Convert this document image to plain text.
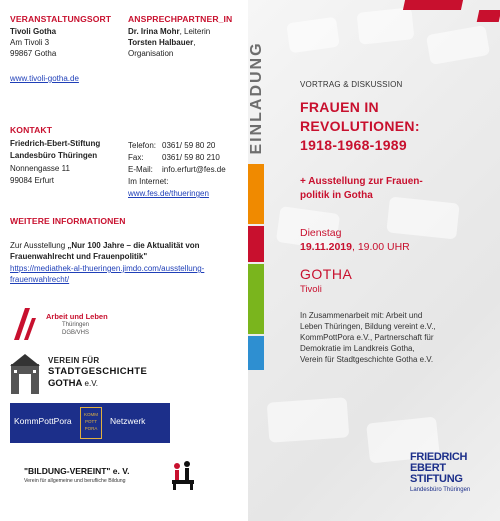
VERANSTALTUNGSORT
Tivoli Gotha
Am Tivoli 3
99867 Gotha
www.tivoli-gotha.de
ANSPRECHPARTNER_IN
Dr. Irina Mohr, Leiterin
Torsten Halbauer,
Organisation
KONTAKT
Friedrich-Ebert-Stiftung
Landesbüro Thüringen
Nonnengasse 11
99084 Erfurt
Telefon: 0361/ 59 80 20
Fax: 0361/ 59 80 210
E-Mail: info.erfurt@fes.de
Im Internet:
www.fes.de/thueringen
WEITERE INFORMATIONEN
Zur Ausstellung „Nur 100 Jahre – die Aktualität von
Frauenwahlrecht und Frauenpolitik"
https://mediathek-al-thueringen.jimdo.com/ausstellung-
frauenwahlrecht/
Arbeit und Leben
Thüringen
DGB/VHS
VEREIN FÜR
STADTGESCHICHTE
GOTHA e.V.
KommPottPora
KOMM
POTT
PORA
Netzwerk
"BILDUNG-VEREINT" e. V.
Verein für allgemeine und berufliche Bildung
EINLADUNG	VORTRAG & DISKUSSION
FRAUEN IN
REVOLUTIONEN:
1918-1968-1989
+ Ausstellung zur Frauen-
politik in Gotha
Dienstag
19.11.2019, 19.00 UHR
GOTHA
Tivoli
In Zusammenarbeit mit: Arbeit und
Leben Thüringen, Bildung vereint e.V.,
KommPottPora e.V., Partnerschaft für
Demokratie im Landkreis Gotha,
Verein für Stadtgeschichte Gotha e.V.
FRIEDRICH
EBERT
STIFTUNG
Landesbüro Thüringen
